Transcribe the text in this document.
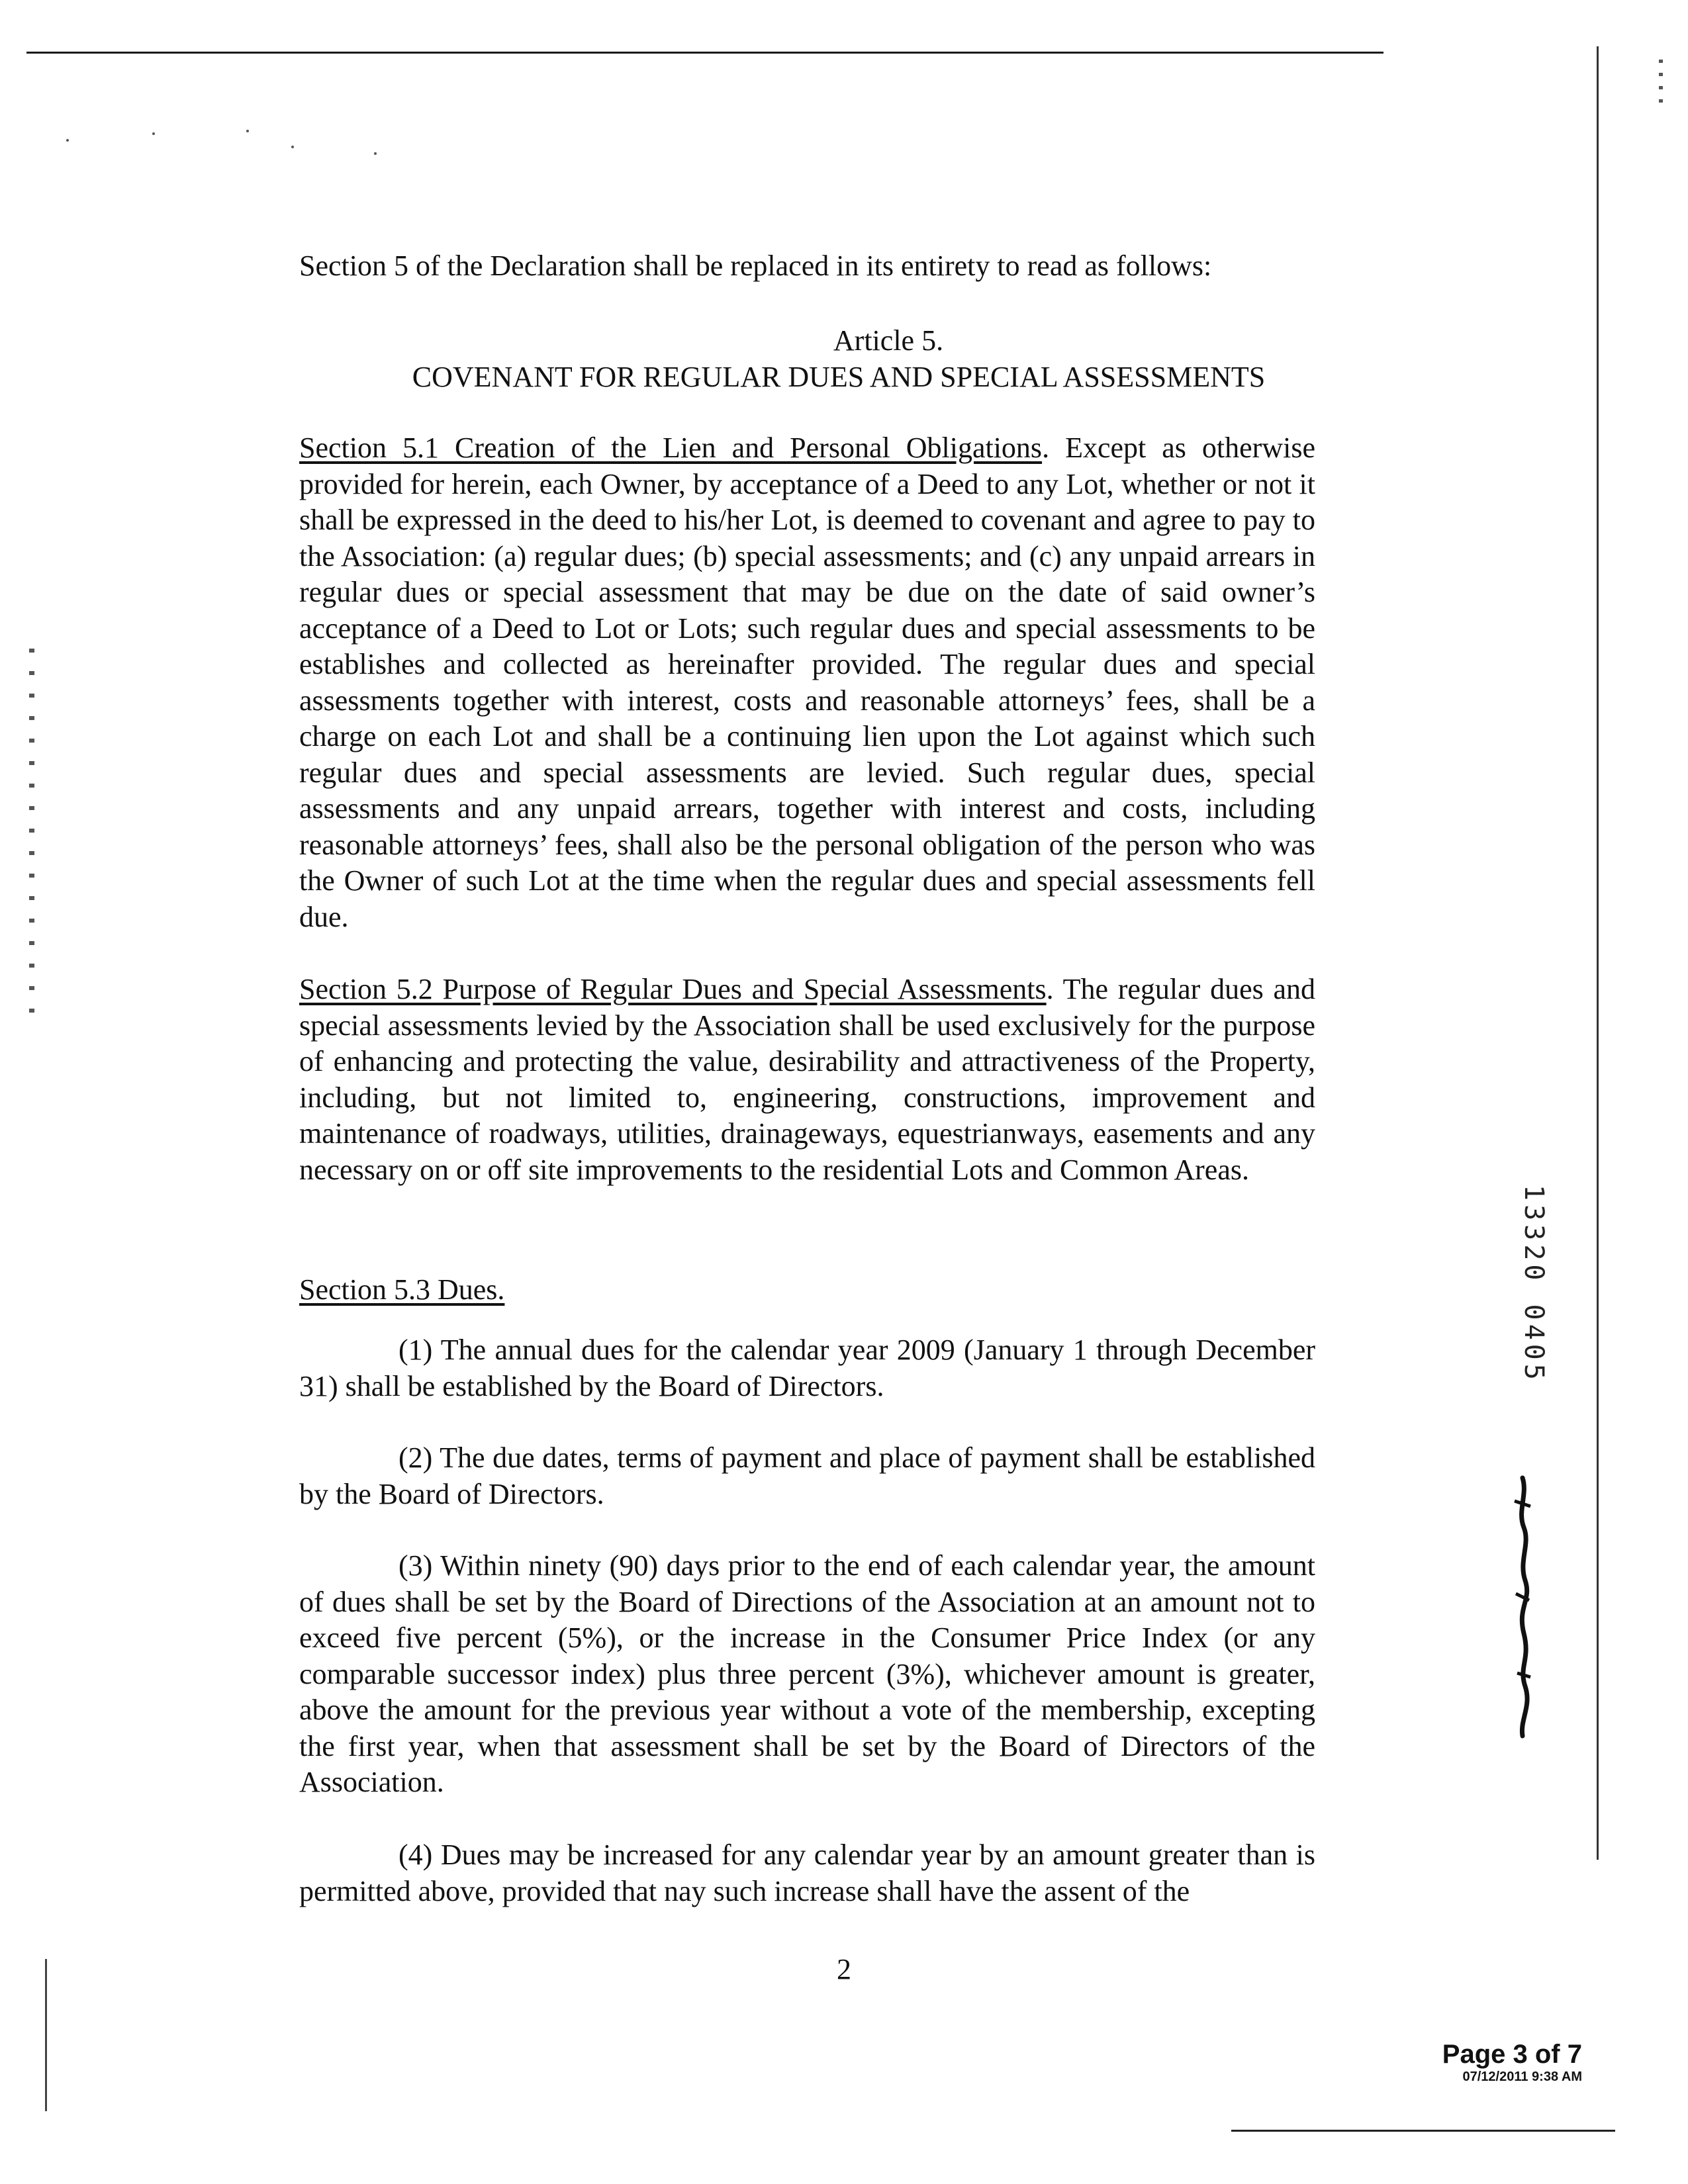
Section 5 of the Declaration shall be replaced in its entirety to read as follows:
Article 5.
COVENANT FOR REGULAR DUES AND SPECIAL ASSESSMENTS
Section 5.1 Creation of the Lien and Personal Obligations. Except as otherwise provided for herein, each Owner, by acceptance of a Deed to any Lot, whether or not it shall be expressed in the deed to his/her Lot, is deemed to covenant and agree to pay to the Association: (a) regular dues; (b) special assessments; and (c) any unpaid arrears in regular dues or special assessment that may be due on the date of said owner’s acceptance of a Deed to Lot or Lots; such regular dues and special assessments to be establishes and collected as hereinafter provided. The regular dues and special assessments together with interest, costs and reasonable attorneys’ fees, shall be a charge on each Lot and shall be a continuing lien upon the Lot against which such regular dues and special assessments are levied. Such regular dues, special assessments and any unpaid arrears, together with interest and costs, including reasonable attorneys’ fees, shall also be the personal obligation of the person who was the Owner of such Lot at the time when the regular dues and special assessments fell due.
Section 5.2 Purpose of Regular Dues and Special Assessments. The regular dues and special assessments levied by the Association shall be used exclusively for the purpose of enhancing and protecting the value, desirability and attractiveness of the Property, including, but not limited to, engineering, constructions, improvement and maintenance of roadways, utilities, drainageways, equestrianways, easements and any necessary on or off site improvements to the residential Lots and Common Areas.
Section 5.3 Dues.
(1) The annual dues for the calendar year 2009 (January 1 through December 31) shall be established by the Board of Directors.
(2) The due dates, terms of payment and place of payment shall be established by the Board of Directors.
(3) Within ninety (90) days prior to the end of each calendar year, the amount of dues shall be set by the Board of Directions of the Association at an amount not to exceed five percent (5%), or the increase in the Consumer Price Index (or any comparable successor index) plus three percent (3%), whichever amount is greater, above the amount for the previous year without a vote of the membership, excepting the first year, when that assessment shall be set by the Board of Directors of the Association.
(4) Dues may be increased for any calendar year by an amount greater than is permitted above, provided that nay such increase shall have the assent of the
2
13320 0405
Page 3 of 7
07/12/2011 9:38 AM
